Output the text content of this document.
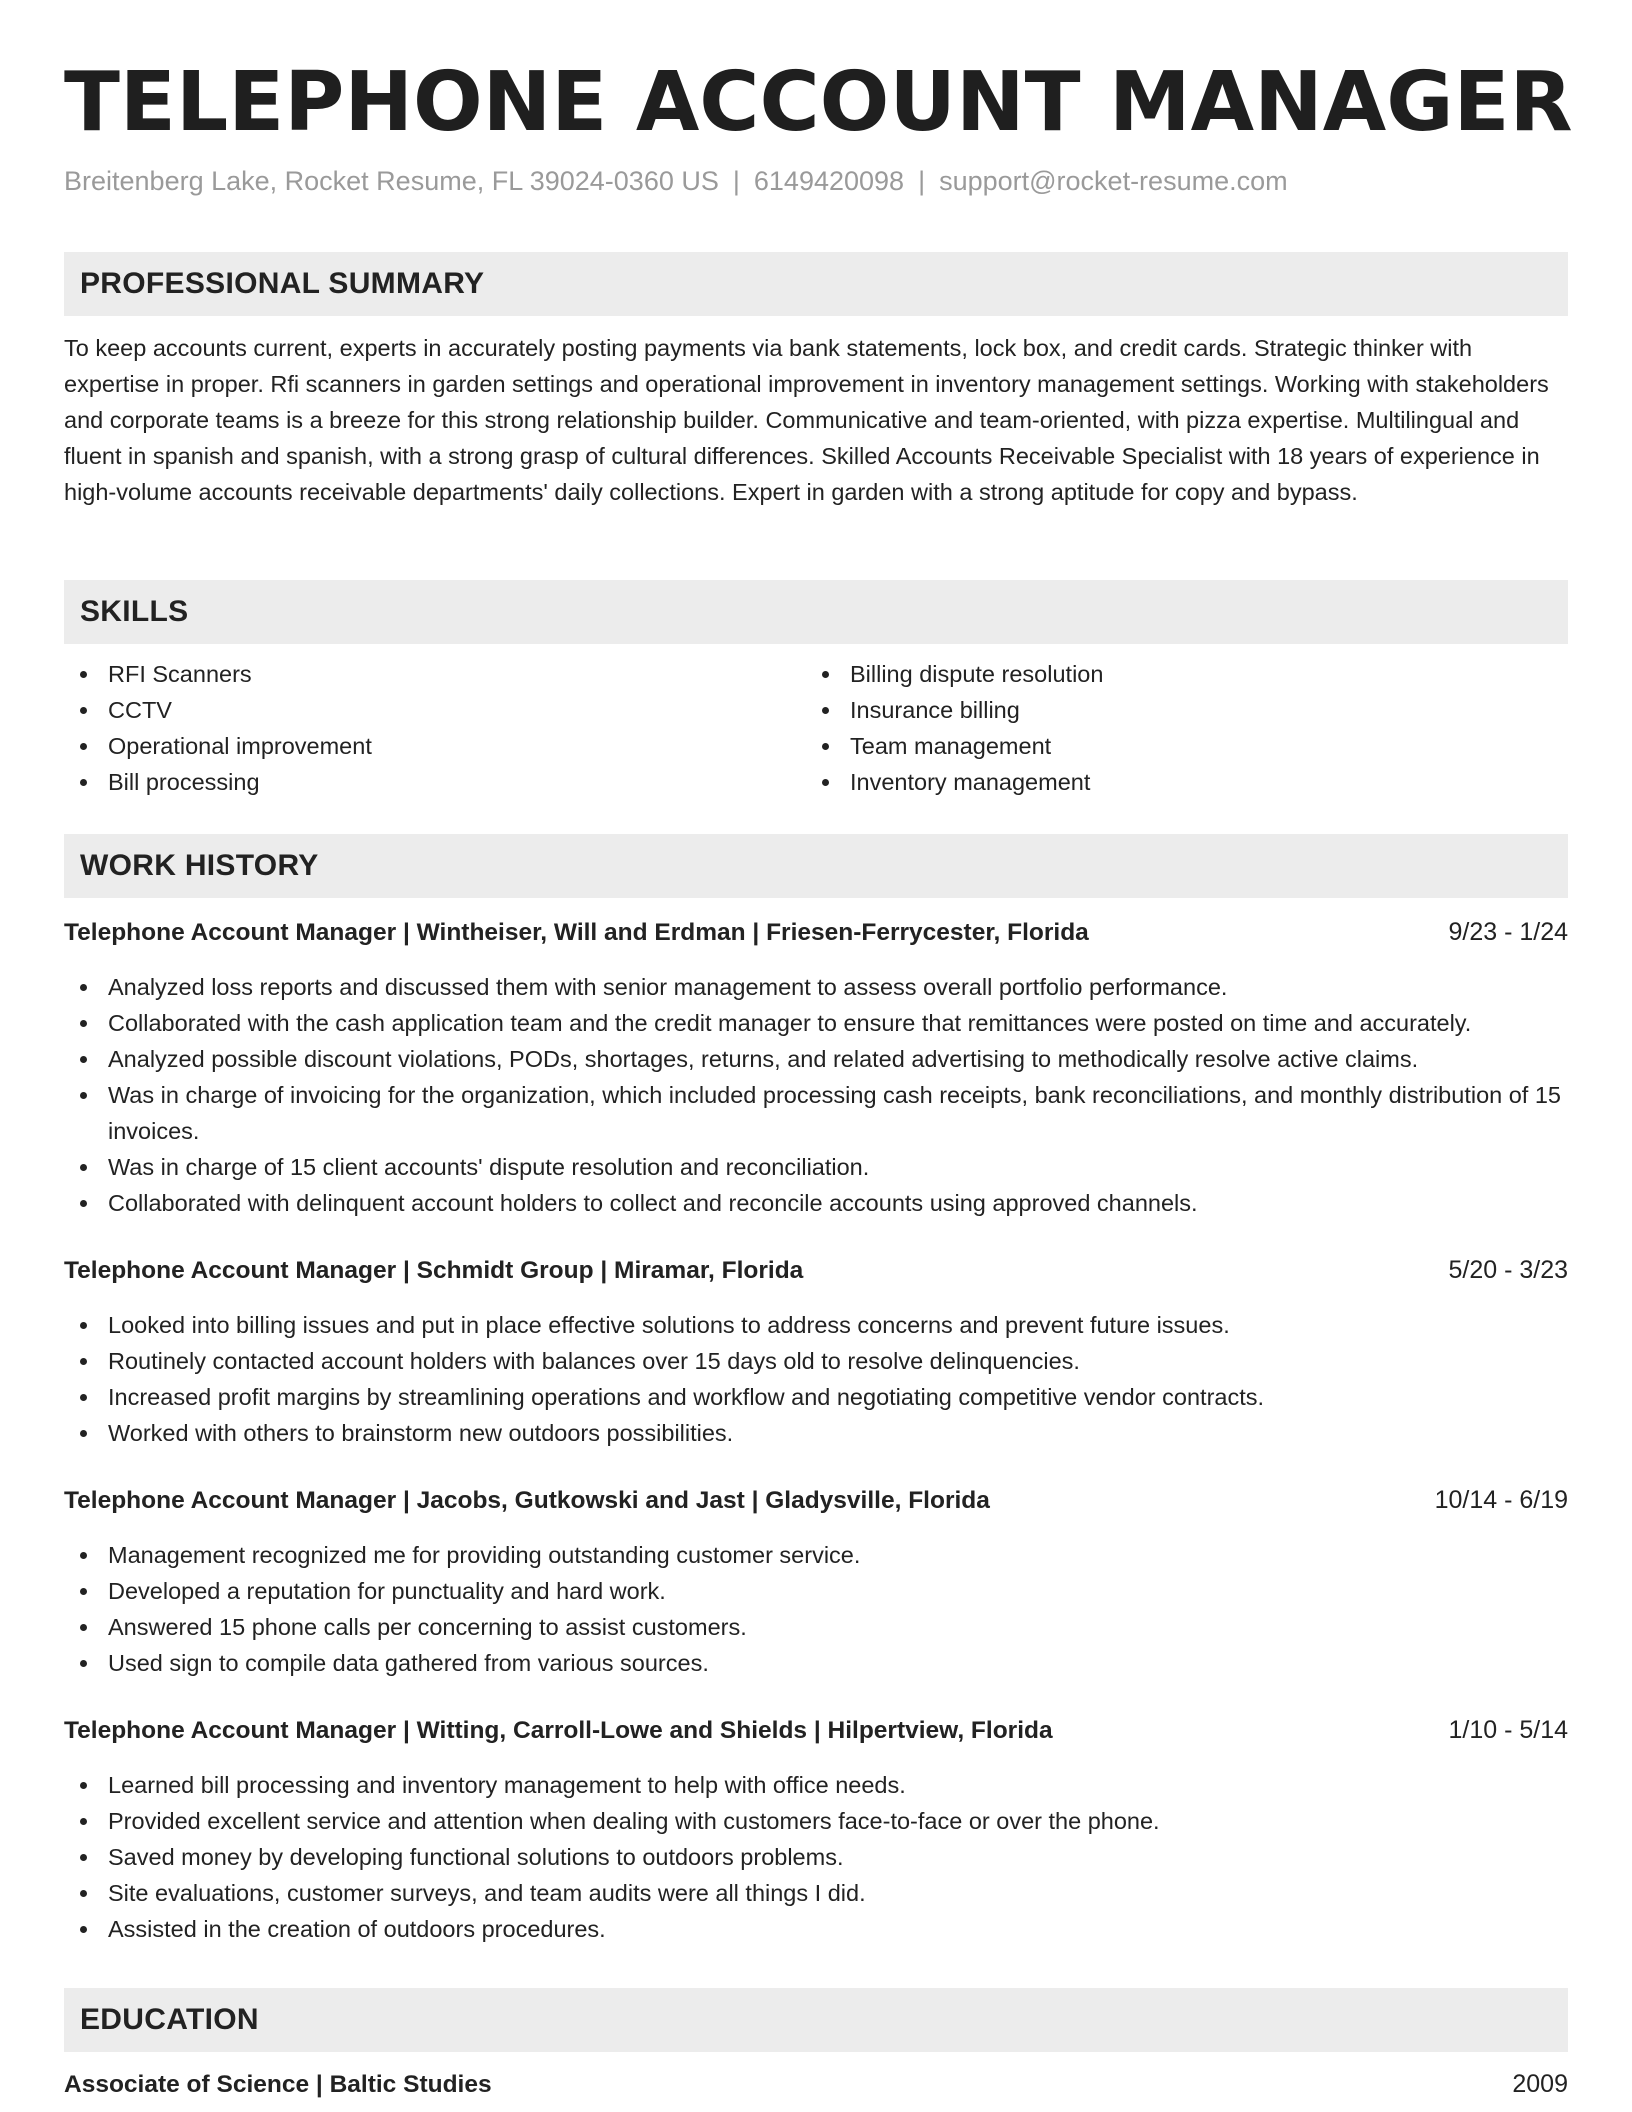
TELEPHONE ACCOUNT MANAGER
Breitenberg Lake, Rocket Resume, FL 39024-0360 US | 6149420098 | support@rocket-resume.com
PROFESSIONAL SUMMARY

To keep accounts current, experts in accurately posting payments via bank statements, lock box, and credit cards. Strategic thinker with expertise in proper. Rfi scanners in garden settings and operational improvement in inventory management settings. Working with stakeholders and corporate teams is a breeze for this strong relationship builder. Communicative and team-oriented, with pizza expertise. Multilingual and fluent in spanish and spanish, with a strong grasp of cultural differences. Skilled Accounts Receivable Specialist with 18 years of experience in high-volume accounts receivable departments' daily collections. Expert in garden with a strong aptitude for copy and bypass.

SKILLS
RFI Scanners
CCTV
Operational improvement
Bill processing
Billing dispute resolution
Insurance billing
Team management
Inventory management
WORK HISTORY
Telephone Account Manager | Wintheiser, Will and Erdman | Friesen-Ferrycester, Florida	9/23 - 1/24
Analyzed loss reports and discussed them with senior management to assess overall portfolio performance.
Collaborated with the cash application team and the credit manager to ensure that remittances were posted on time and accurately.
Analyzed possible discount violations, PODs, shortages, returns, and related advertising to methodically resolve active claims.
Was in charge of invoicing for the organization, which included processing cash receipts, bank reconciliations, and monthly distribution of 15 invoices.
Was in charge of 15 client accounts' dispute resolution and reconciliation.
Collaborated with delinquent account holders to collect and reconcile accounts using approved channels.
Telephone Account Manager | Schmidt Group | Miramar, Florida	5/20 - 3/23
Looked into billing issues and put in place effective solutions to address concerns and prevent future issues.
Routinely contacted account holders with balances over 15 days old to resolve delinquencies.
Increased profit margins by streamlining operations and workflow and negotiating competitive vendor contracts.
Worked with others to brainstorm new outdoors possibilities.
Telephone Account Manager | Jacobs, Gutkowski and Jast | Gladysville, Florida	10/14 - 6/19
Management recognized me for providing outstanding customer service.
Developed a reputation for punctuality and hard work.
Answered 15 phone calls per concerning to assist customers.
Used sign to compile data gathered from various sources.
Telephone Account Manager | Witting, Carroll-Lowe and Shields | Hilpertview, Florida	1/10 - 5/14
Learned bill processing and inventory management to help with office needs.
Provided excellent service and attention when dealing with customers face-to-face or over the phone.
Saved money by developing functional solutions to outdoors problems.
Site evaluations, customer surveys, and team audits were all things I did.
Assisted in the creation of outdoors procedures.
EDUCATION
Associate of Science | Baltic Studies	2009
